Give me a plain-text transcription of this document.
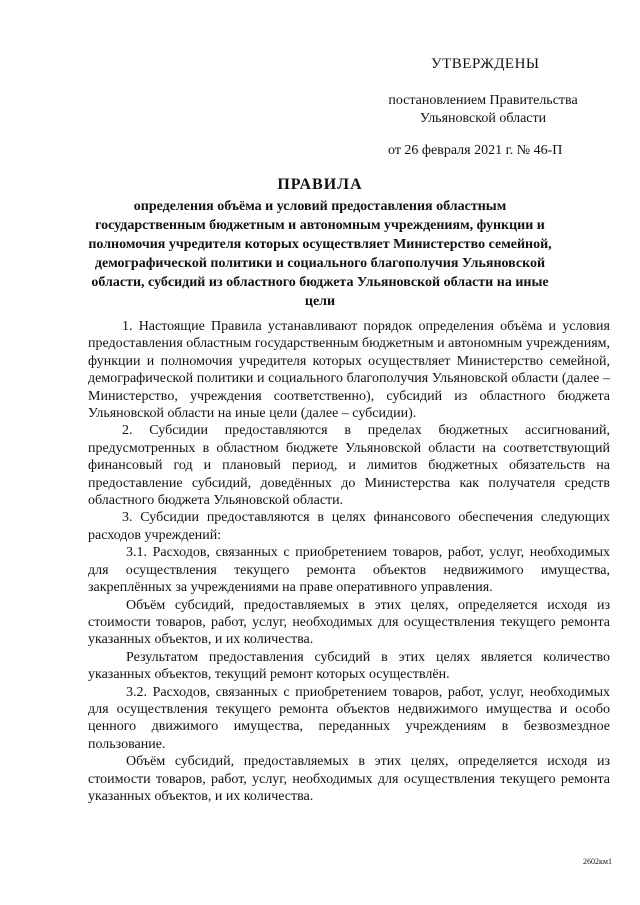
УТВЕРЖДЕНЫ
постановлением Правительства
Ульяновской области
от 26 февраля 2021 г. № 46-П
ПРАВИЛА
определения объёма и условий предоставления областным государственным бюджетным и автономным учреждениям, функции и полномочия учредителя которых осуществляет Министерство семейной, демографической политики и социального благополучия Ульяновской области, субсидий из областного бюджета Ульяновской области на иные цели

1. Настоящие Правила устанавливают порядок определения объёма и условия предоставления областным государственным бюджетным и автономным учреждениям, функции и полномочия учредителя которых осуществляет Министерство семейной, демографической политики и социального благополучия Ульяновской области (далее – Министерство, учреждения соответственно), субсидий из областного бюджета Ульяновской области на иные цели (далее – субсидии).

2. Субсидии предоставляются в пределах бюджетных ассигнований, предусмотренных в областном бюджете Ульяновской области на соответствующий финансовый год и плановый период, и лимитов бюджетных обязательств на предоставление субсидий, доведённых до Министерства как получателя средств областного бюджета Ульяновской области.

3. Субсидии предоставляются в целях финансового обеспечения следующих расходов учреждений:

3.1. Расходов, связанных с приобретением товаров, работ, услуг, необходимых для осуществления текущего ремонта объектов недвижимого имущества, закреплённых за учреждениями на праве оперативного управления.

Объём субсидий, предоставляемых в этих целях, определяется исходя из стоимости товаров, работ, услуг, необходимых для осуществления текущего ремонта указанных объектов, и их количества.

Результатом предоставления субсидий в этих целях является количество указанных объектов, текущий ремонт которых осуществлён.

3.2. Расходов, связанных с приобретением товаров, работ, услуг, необходимых для осуществления текущего ремонта объектов недвижимого имущества и особо ценного движимого имущества, переданных учреждениям в безвозмездное пользование.

Объём субсидий, предоставляемых в этих целях, определяется исходя из стоимости товаров, работ, услуг, необходимых для осуществления текущего ремонта указанных объектов, и их количества.

2602км1
